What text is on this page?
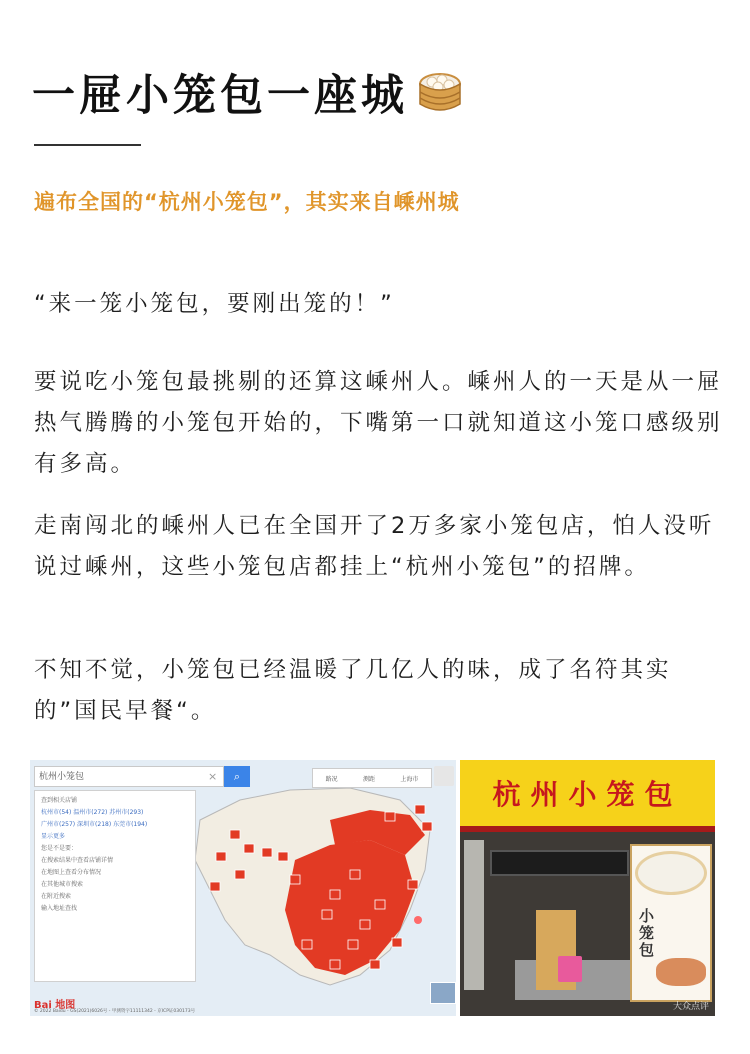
一屉小笼包一座城
遍布全国的“杭州小笼包”，其实来自嵊州城
“来一笼小笼包，要刚出笼的！”
要说吃小笼包最挑剔的还算这嵊州人。嵊州人的一天是从一屉热气腾腾的小笼包开始的，下嘴第一口就知道这小笼口感级别有多高。
走南闯北的嵊州人已在全国开了2万多家小笼包店，怕人没听说过嵊州，这些小笼包店都挂上“杭州小笼包”的招牌。
不知不觉，小笼包已经温暖了几亿人的味，成了名符其实的”国民早餐“。
杭州小笼包	×	⌕
查到相关店铺
杭州市(54) 温州市(272) 苏州市(293)
广州市(257) 深圳市(218) 东莞市(194)
显示更多
您是不是要：
在搜索结果中查看店铺详情
在地图上查看分布情况
在其他城市搜索
在附近搜索
输入地址查找
路况	测距	上海市
Bai 地图
© 2022 Baidu - GS(2021)6026号 - 甲测资字11111342 - 京ICP证030173号
杭州小笼包
小笼包
大众点评
